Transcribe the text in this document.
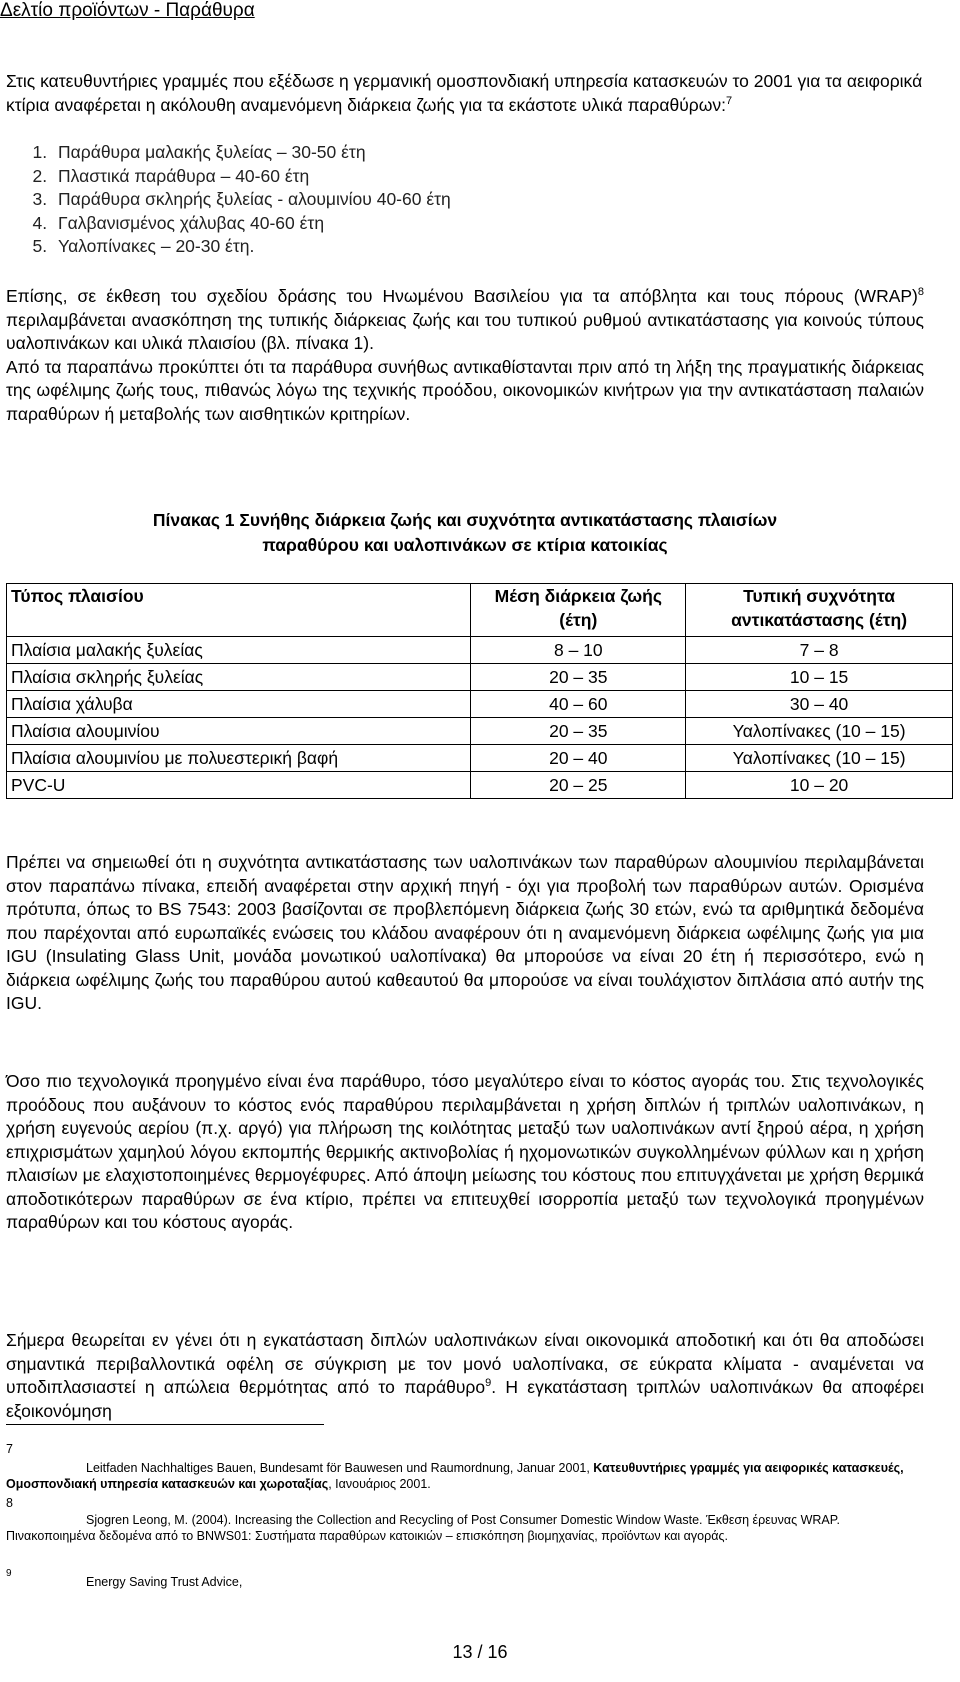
Δελτίο προϊόντων - Παράθυρα
Στις κατευθυντήριες γραμμές που εξέδωσε η γερμανική ομοσπονδιακή υπηρεσία κατασκευών το 2001 για τα αειφορικά κτίρια αναφέρεται η ακόλουθη αναμενόμενη διάρκεια ζωής για τα εκάστοτε υλικά παραθύρων:$^7$
1. Παράθυρα μαλακής ξυλείας – 30-50 έτη
2. Πλαστικά παράθυρα – 40-60 έτη
3. Παράθυρα σκληρής ξυλείας - αλουμινίου 40-60 έτη
4. Γαλβανισμένος χάλυβας 40-60 έτη
5. Υαλοπίνακες – 20-30 έτη.
Επίσης, σε έκθεση του σχεδίου δράσης του Ηνωμένου Βασιλείου για τα απόβλητα και τους πόρους (WRAP)$^8$ περιλαμβάνεται ανασκόπηση της τυπικής διάρκειας ζωής και του τυπικού ρυθμού αντικατάστασης για κοινούς τύπους υαλοπινάκων και υλικά πλαισίου (βλ. πίνακα 1).
Από τα παραπάνω προκύπτει ότι τα παράθυρα συνήθως αντικαθίστανται πριν από τη λήξη της πραγματικής διάρκειας της ωφέλιμης ζωής τους, πιθανώς λόγω της τεχνικής προόδου, οικονομικών κινήτρων για την αντικατάσταση παλαιών παραθύρων ή μεταβολής των αισθητικών κριτηρίων.
Πίνακας 1 Συνήθης διάρκεια ζωής και συχνότητα αντικατάστασης πλαισίων
παραθύρου και υαλοπινάκων σε κτίρια κατοικίας
Τύπος πλαισίου	Μέση διάρκεια ζωής (έτη)	Τυπική συχνότητα αντικατάστασης (έτη)
Πλαίσια μαλακής ξυλείας	8 – 10	7 – 8
Πλαίσια σκληρής ξυλείας	20 – 35	10 – 15
Πλαίσια χάλυβα	40 – 60	30 – 40
Πλαίσια αλουμινίου	20 – 35	Υαλοπίνακες (10 – 15)
Πλαίσια αλουμινίου με πολυεστερική βαφή	20 – 40	Υαλοπίνακες (10 – 15)
PVC-U	20 – 25	10 – 20
Πρέπει να σημειωθεί ότι η συχνότητα αντικατάστασης των υαλοπινάκων των παραθύρων αλουμινίου περιλαμβάνεται στον παραπάνω πίνακα, επειδή αναφέρεται στην αρχική πηγή - όχι για προβολή των παραθύρων αυτών. Ορισμένα πρότυπα, όπως το BS 7543: 2003 βασίζονται σε προβλεπόμενη διάρκεια ζωής 30 ετών, ενώ τα αριθμητικά δεδομένα που παρέχονται από ευρωπαϊκές ενώσεις του κλάδου αναφέρουν ότι η αναμενόμενη διάρκεια ωφέλιμης ζωής για μια IGU (Insulating Glass Unit, μονάδα μονωτικού υαλοπίνακα) θα μπορούσε να είναι 20 έτη ή περισσότερο, ενώ η διάρκεια ωφέλιμης ζωής του παραθύρου αυτού καθεαυτού θα μπορούσε να είναι τουλάχιστον διπλάσια από αυτήν της IGU.
Όσο πιο τεχνολογικά προηγμένο είναι ένα παράθυρο, τόσο μεγαλύτερο είναι το κόστος αγοράς του. Στις τεχνολογικές προόδους που αυξάνουν το κόστος ενός παραθύρου περιλαμβάνεται η χρήση διπλών ή τριπλών υαλοπινάκων, η χρήση ευγενούς αερίου (π.χ. αργό) για πλήρωση της κοιλότητας μεταξύ των υαλοπινάκων αντί ξηρού αέρα, η χρήση επιχρισμάτων χαμηλού λόγου εκπομπής θερμικής ακτινοβολίας ή ηχομονωτικών συγκολλημένων φύλλων και η χρήση πλαισίων με ελαχιστοποιημένες θερμογέφυρες. Από άποψη μείωσης του κόστους που επιτυγχάνεται με χρήση θερμικά αποδοτικότερων παραθύρων σε ένα κτίριο, πρέπει να επιτευχθεί ισορροπία μεταξύ των τεχνολογικά προηγμένων παραθύρων και του κόστους αγοράς.
Σήμερα θεωρείται εν γένει ότι η εγκατάσταση διπλών υαλοπινάκων είναι οικονομικά αποδοτική και ότι θα αποδώσει σημαντικά περιβαλλοντικά οφέλη σε σύγκριση με τον μονό υαλοπίνακα, σε εύκρατα κλίματα - αναμένεται να υποδιπλασιαστεί η απώλεια θερμότητας από το παράθυρο$^9$. Η εγκατάσταση τριπλών υαλοπινάκων θα αποφέρει εξοικονόμηση
7
Leitfaden Nachhaltiges Bauen, Bundesamt för Bauwesen und Raumordnung, Januar 2001, Κατευθυντήριες γραμμές για αειφορικές κατασκευές, Ομοσπονδιακή υπηρεσία κατασκευών και χωροταξίας, Ιανουάριος 2001.
8
Sjogren Leong, M. (2004). Increasing the Collection and Recycling of Post Consumer Domestic Window Waste. Έκθεση έρευνας WRAP. Πινακοποιημένα δεδομένα από το BNWS01: Συστήματα παραθύρων κατοικιών – επισκόπηση βιομηχανίας, προϊόντων και αγοράς.
9
Energy Saving Trust Advice,
13 / 16
